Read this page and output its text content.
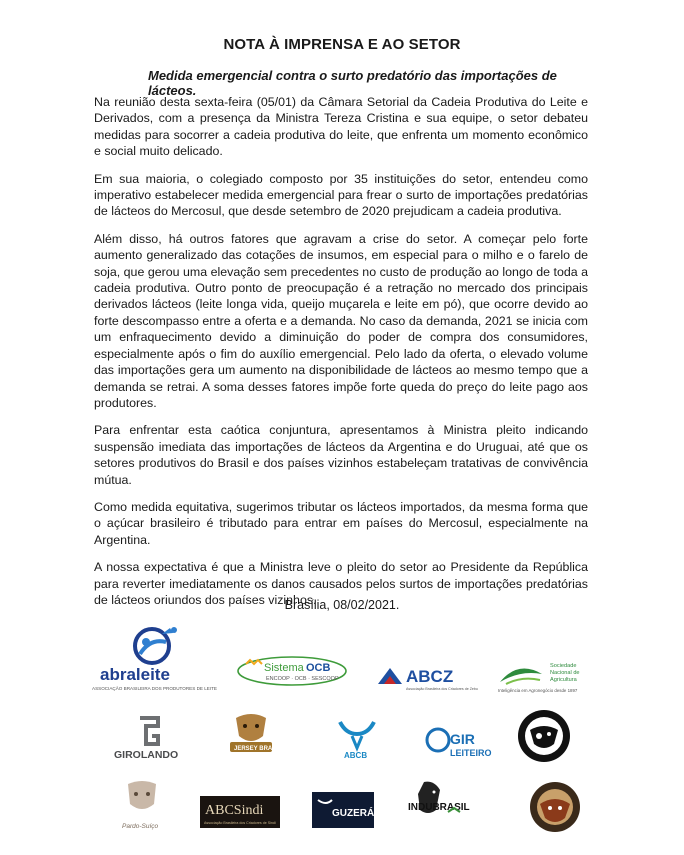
NOTA À IMPRENSA E AO SETOR
Medida emergencial contra o surto predatório das importações de lácteos.

Na reunião desta sexta-feira (05/01) da Câmara Setorial da Cadeia Produtiva do Leite e Derivados, com a presença da Ministra Tereza Cristina e sua equipe, o setor debateu medidas para socorrer a cadeia produtiva do leite, que enfrenta um momento econômico e social muito delicado.

Em sua maioria, o colegiado composto por 35 instituições do setor, entendeu como imperativo estabelecer medida emergencial para frear o surto de importações predatórias de lácteos do Mercosul, que desde setembro de 2020 prejudicam a cadeia produtiva.

Além disso, há outros fatores que agravam a crise do setor. A começar pelo forte aumento generalizado das cotações de insumos, em especial para o milho e o farelo de soja, que gerou uma elevação sem precedentes no custo de produção ao longo de toda a cadeia produtiva. Outro ponto de preocupação é a retração no mercado dos principais derivados lácteos (leite longa vida, queijo muçarela e leite em pó), que ocorre devido ao forte descompasso entre a oferta e a demanda. No caso da demanda, 2021 se inicia com um enfraquecimento devido a diminuição do poder de compra dos consumidores, especialmente após o fim do auxílio emergencial. Pelo lado da oferta, o elevado volume das importações gera um aumento na disponibilidade de lácteos ao mesmo tempo que a demanda se retrai. A soma desses fatores impõe forte queda do preço do leite pago aos produtores.

Para enfrentar esta caótica conjuntura, apresentamos à Ministra pleito indicando suspensão imediata das importações de lácteos da Argentina e do Uruguai, até que os setores produtivos do Brasil e dos países vizinhos estabeleçam tratativas de convivência mútua.

Como medida equitativa, sugerimos tributar os lácteos importados, da mesma forma que o açúcar brasileiro é tributado para entrar em países do Mercosul, especialmente na Argentina.

A nossa expectativa é que a Ministra leve o pleito do setor ao Presidente da República para reverter imediatamente os danos causados pelos surtos de importações predatórias de lácteos oriundos dos países vizinhos.

Brasília, 08/02/2021.
abraleite
ASSOCIAÇÃO BRASILEIRA DOS PRODUTORES DE LEITE
Sistema OCB
ENCOOP · OCB · SESCOOP	ABCZ
Associação Brasileira dos Criadores de Zebu
Sociedade
Nacional de
Agricultura
Inteligência em Agronegócio desde 1897
GIROLANDO	JERSEY BRASIL
ABCB
GIR
LEITEIRO
Pardo-Suíço
ABCSindi
Associação Brasileira dos Criadores de Sindi
GUZERÁ
INDUBRASIL
